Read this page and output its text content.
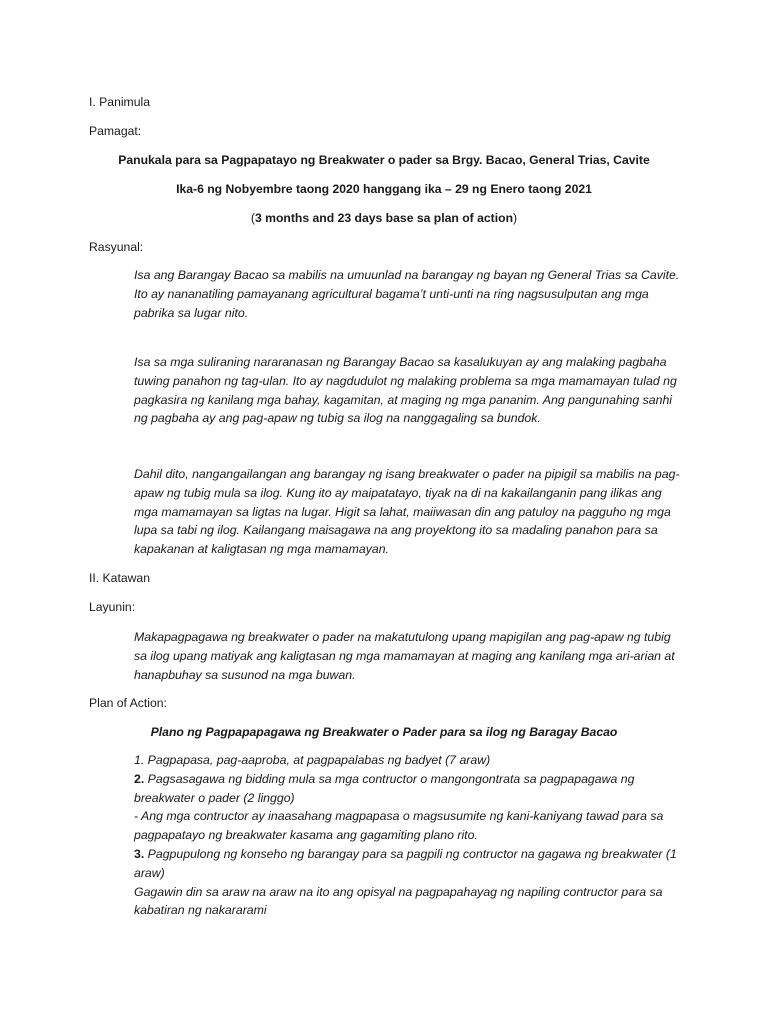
I. Panimula

Pamagat:

Panukala para sa Pagpapatayo ng Breakwater o pader sa Brgy. Bacao, General Trias, Cavite

Ika-6 ng Nobyembre taong 2020 hanggang ika – 29 ng Enero taong 2021

(3 months and 23 days base sa plan of action)

Rasyunal:

Isa ang Barangay Bacao sa mabilis na umuunlad na barangay ng bayan ng General Trias sa Cavite. Ito ay nananatiling pamayanang agricultural bagama’t unti-unti na ring nagsusulputan ang mga pabrika sa lugar nito.

Isa sa mga suliraning nararanasan ng Barangay Bacao sa kasalukuyan ay ang malaking pagbaha tuwing panahon ng tag-ulan. Ito ay nagdudulot ng malaking problema sa mga mamamayan tulad ng pagkasira ng kanilang mga bahay, kagamitan, at maging ng mga pananim. Ang pangunahing sanhi ng pagbaha ay ang pag-apaw ng tubig sa ilog na nanggagaling sa bundok.

Dahil dito, nangangailangan ang barangay ng isang breakwater o pader na pipigil sa mabilis na pag-apaw ng tubig mula sa ilog. Kung ito ay maipatatayo, tiyak na di na kakailanganin pang ilikas ang mga mamamayan sa ligtas na lugar. Higit sa lahat, maiiwasan din ang patuloy na pagguho ng mga lupa sa tabi ng ilog. Kailangang maisagawa na ang proyektong ito sa madaling panahon para sa kapakanan at kaligtasan ng mga mamamayan.

II. Katawan

Layunin:

Makapagpagawa ng breakwater o pader na makatutulong upang mapigilan ang pag-apaw ng tubig sa ilog upang matiyak ang kaligtasan ng mga mamamayan at maging ang kanilang mga ari-arian at hanapbuhay sa susunod na mga buwan.

Plan of Action:

Plano ng Pagpapapagawa ng Breakwater o Pader para sa ilog ng Baragay Bacao

1. Pagpapasa, pag-aaproba, at pagpapalabas ng badyet (7 araw)
2. Pagsasagawa ng bidding mula sa mga contructor o mangongontrata sa pagpapagawa ng breakwater o pader (2 linggo)
- Ang mga contructor ay inaasahang magpapasa o magsusumite ng kani-kaniyang tawad para sa pagpapatayo ng breakwater kasama ang gagamiting plano rito.
3. Pagpupulong ng konseho ng barangay para sa pagpili ng contructor na gagawa ng breakwater (1 araw)
Gagawin din sa araw na araw na ito ang opisyal na pagpapahayag ng napiling contructor para sa kabatiran ng nakararami
